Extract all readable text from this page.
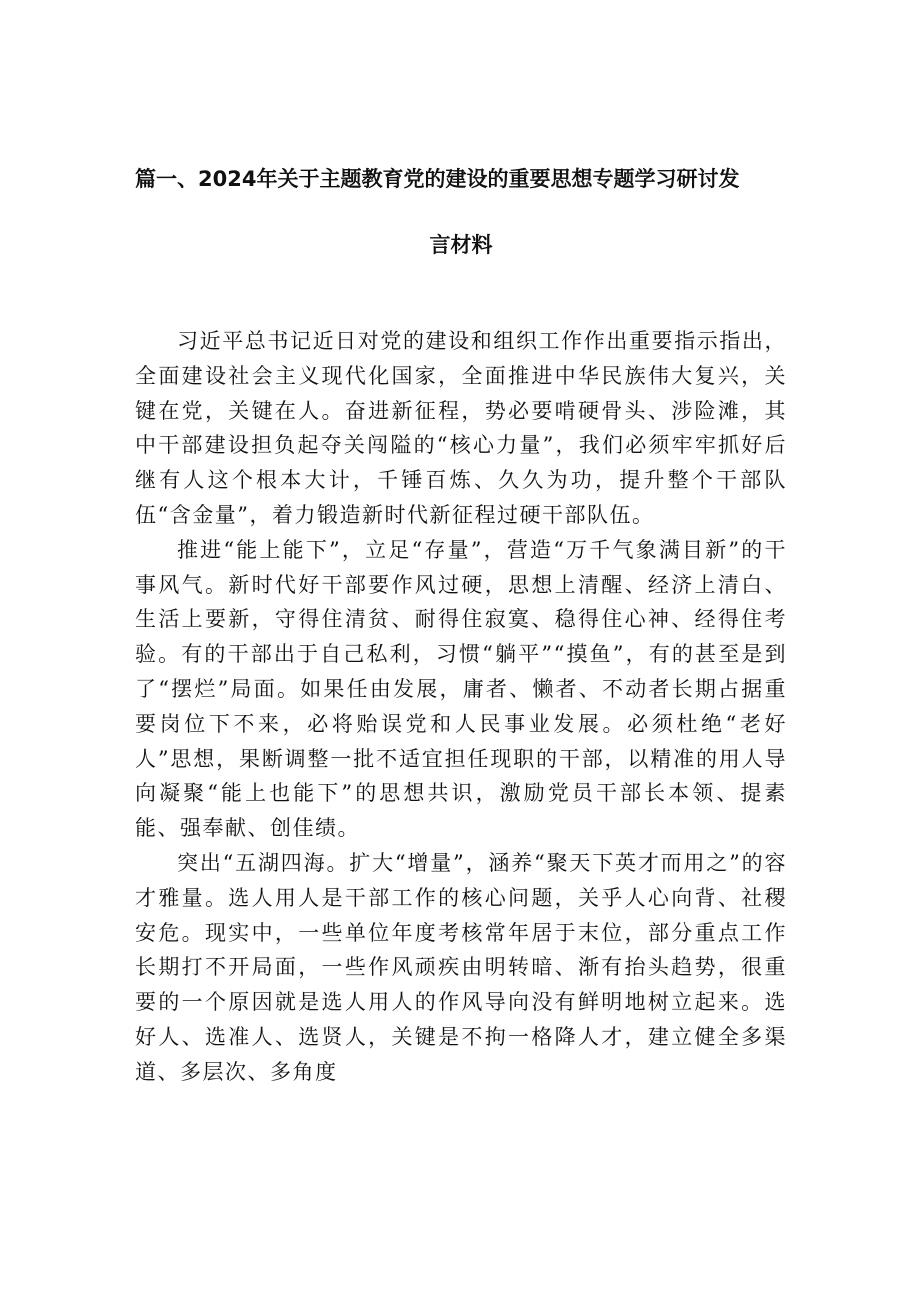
篇一、2024年关于主题教育党的建设的重要思想专题学习研讨发
言材料

习近平总书记近日对党的建设和组织工作作出重要指示指出，全面建设社会主义现代化国家，全面推进中华民族伟大复兴，关键在党，关键在人。奋进新征程，势必要啃硬骨头、涉险滩，其中干部建设担负起夺关闯隘的“核心力量”，我们必须牢牢抓好后继有人这个根本大计，千锤百炼、久久为功，提升整个干部队伍“含金量”，着力锻造新时代新征程过硬干部队伍。

推进“能上能下”，立足“存量”，营造“万千气象满目新”的干事风气。新时代好干部要作风过硬，思想上清醒、经济上清白、生活上要新，守得住清贫、耐得住寂寞、稳得住心神、经得住考验。有的干部出于自己私利，习惯“躺平”“摸鱼”，有的甚至是到了“摆烂”局面。如果任由发展，庸者、懒者、不动者长期占据重要岗位下不来，必将贻误党和人民事业发展。必须杜绝“老好人”思想，果断调整一批不适宜担任现职的干部，以精准的用人导向凝聚“能上也能下”的思想共识，激励党员干部长本领、提素能、强奉献、创佳绩。

突出“五湖四海。扩大“增量”，涵养“聚天下英才而用之”的容才雅量。选人用人是干部工作的核心问题，关乎人心向背、社稷安危。现实中，一些单位年度考核常年居于末位，部分重点工作长期打不开局面，一些作风顽疾由明转暗、渐有抬头趋势，很重要的一个原因就是选人用人的作风导向没有鲜明地树立起来。选好人、选准人、选贤人，关键是不拘一格降人才，建立健全多渠道、多层次、多角度
